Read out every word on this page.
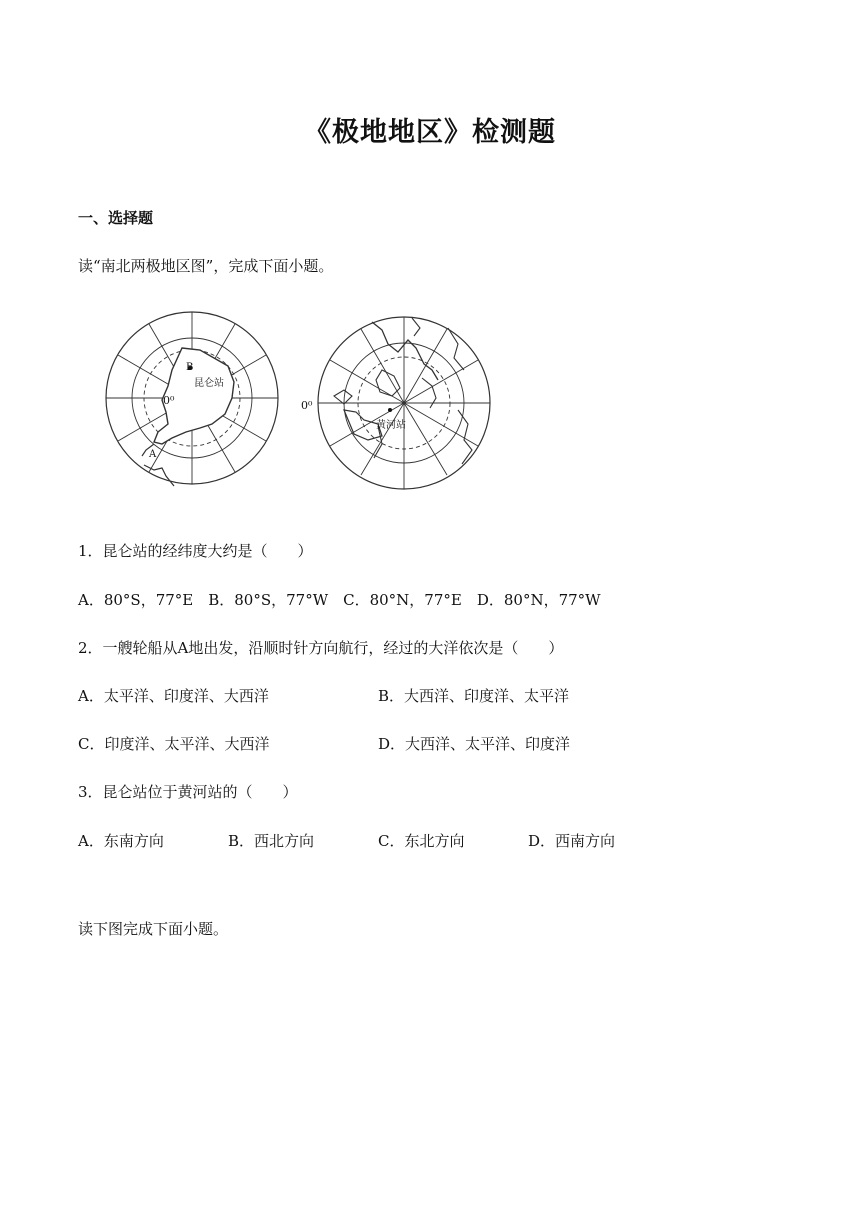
《极地地区》检测题
一、选择题
读“南北两极地区图”，完成下面小题。
0⁰
B
昆仑站
A
0⁰
黄河站
1．昆仑站的经纬度大约是（　　）
A．80°S，77°E　B．80°S，77°W　C．80°N，77°E　D．80°N，77°W
2．一艘轮船从A地出发，沿顺时针方向航行，经过的大洋依次是（　　）
A．太平洋、印度洋、大西洋	B．大西洋、印度洋、太平洋
C．印度洋、太平洋、大西洋	D．大西洋、太平洋、印度洋
3．昆仑站位于黄河站的（　　）
A．东南方向	B．西北方向	C．东北方向	D．西南方向
读下图完成下面小题。
